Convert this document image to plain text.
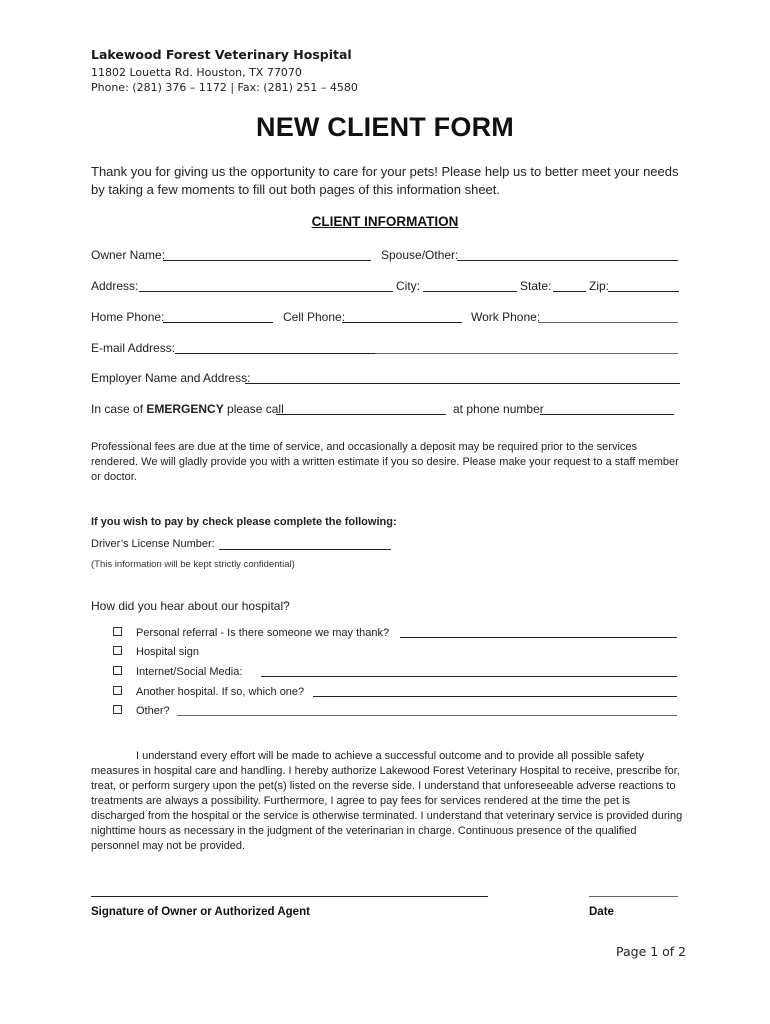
Lakewood Forest Veterinary Hospital
11802 Louetta Rd. Houston, TX 77070
Phone: (281) 376 – 1172 | Fax: (281) 251 – 4580
NEW CLIENT FORM
Thank you for giving us the opportunity to care for your pets! Please help us to better meet your needs by taking a few moments to fill out both pages of this information sheet.
CLIENT INFORMATION
Owner Name:	Spouse/Other:
Address:	City:	State:	Zip:
Home Phone:	Cell Phone:	Work Phone:
E-mail Address:
Employer Name and Address:
In case of EMERGENCY please call	at phone number
Professional fees are due at the time of service, and occasionally a deposit may be required prior to the services rendered. We will gladly provide you with a written estimate if you so desire. Please make your request to a staff member or doctor.
If you wish to pay by check please complete the following:
Driver’s License Number:
(This information will be kept strictly confidential)
How did you hear about our hospital?
Personal referral - Is there someone we may thank?
Hospital sign
Internet/Social Media:
Another hospital. If so, which one?
Other?
I understand every effort will be made to achieve a successful outcome and to provide all possible safety measures in hospital care and handling. I hereby authorize Lakewood Forest Veterinary Hospital to receive, prescribe for, treat, or perform surgery upon the pet(s) listed on the reverse side. I understand that unforeseeable adverse reactions to treatments are always a possibility. Furthermore, I agree to pay fees for services rendered at the time the pet is discharged from the hospital or the service is otherwise terminated. I understand that veterinary service is provided during nighttime hours as necessary in the judgment of the veterinarian in charge. Continuous presence of the qualified personnel may not be provided.
Signature of Owner or Authorized Agent	Date
Page 1 of 2
